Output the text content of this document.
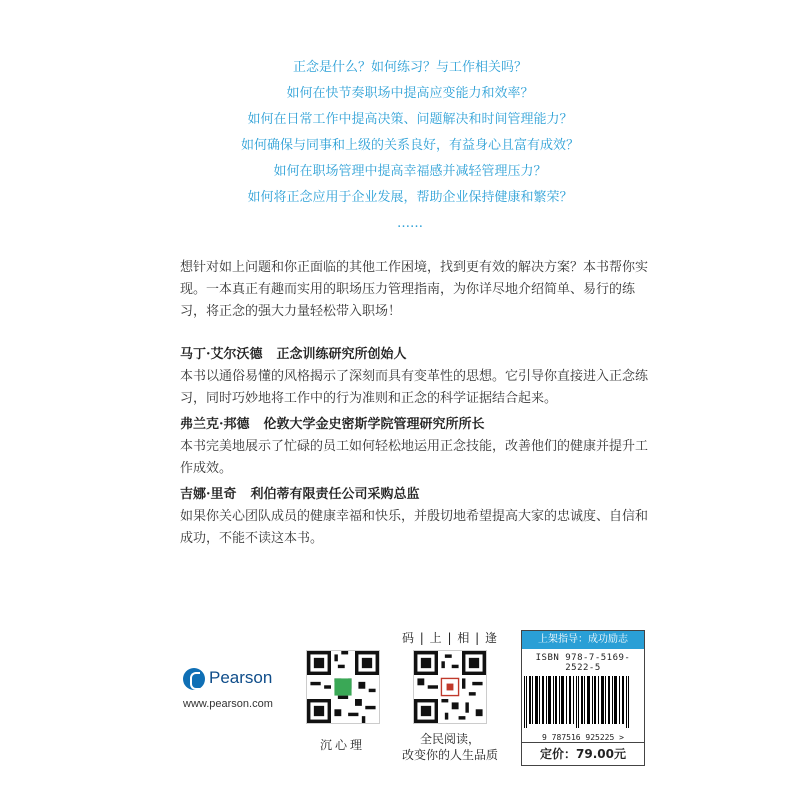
正念是什么？如何练习？与工作相关吗？
如何在快节奏职场中提高应变能力和效率？
如何在日常工作中提高决策、问题解决和时间管理能力？
如何确保与同事和上级的关系良好，有益身心且富有成效？
如何在职场管理中提高幸福感并减轻管理压力？
如何将正念应用于企业发展，帮助企业保持健康和繁荣？
……
想针对如上问题和你正面临的其他工作困境，找到更有效的解决方案？本书帮你实现。一本真正有趣而实用的职场压力管理指南，为你详尽地介绍简单、易行的练习，将正念的强大力量轻松带入职场！
马丁·艾尔沃德 正念训练研究所创始人
本书以通俗易懂的风格揭示了深刻而具有变革性的思想。它引导你直接进入正念练习，同时巧妙地将工作中的行为准则和正念的科学证据结合起来。
弗兰克·邦德 伦敦大学金史密斯学院管理研究所所长
本书完美地展示了忙碌的员工如何轻松地运用正念技能，改善他们的健康并提升工作成效。
吉娜·里奇 利伯蒂有限责任公司采购总监
如果你关心团队成员的健康幸福和快乐，并殷切地希望提高大家的忠诚度、自信和成功，不能不读这本书。
Pearson
www.pearson.com
码 | 上 | 相 | 逢
沉心理	全民阅读，
改变你的人生品质
上架指导：成功励志
ISBN 978-7-5169-2522-5
9 787516 925225 >
定价：79.00元
